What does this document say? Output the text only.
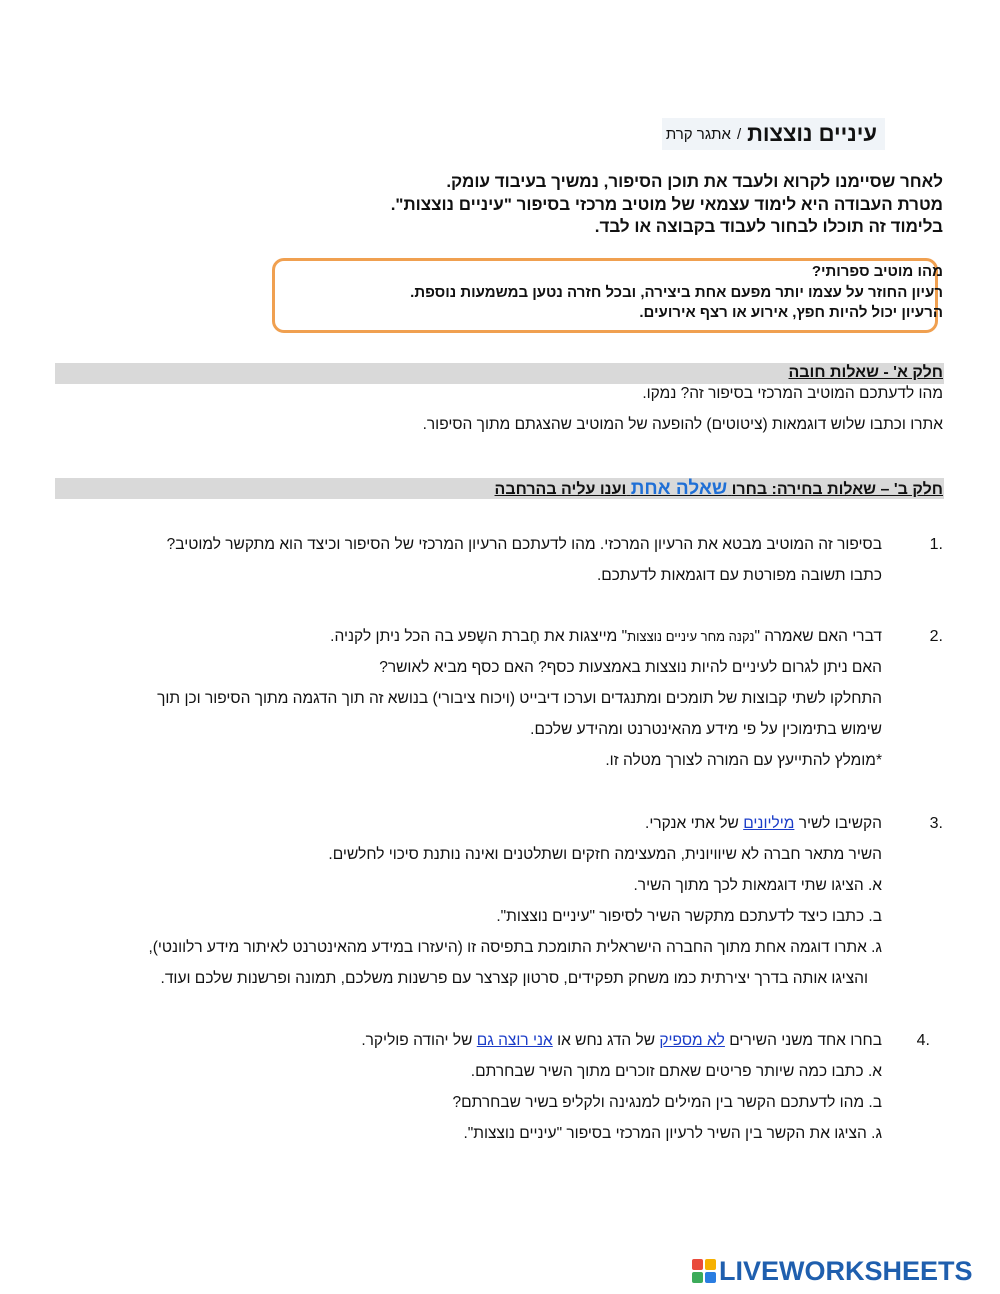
עיניים נוצצות
/
אתגר קרת
לאחר שסיימנו לקרוא ולעבד את תוכן הסיפור, נמשיך בעיבוד עומק.
מטרת העבודה היא לימוד עצמאי של מוטיב מרכזי בסיפור "עיניים נוצצות".
בלימוד זה תוכלו לבחור לעבוד בקבוצה או לבד.
מהו מוטיב ספרותי?
רעיון החוזר על עצמו יותר מפעם אחת ביצירה, ובכל חזרה נטען במשמעות נוספת.
הרעיון יכול להיות חפץ, אירוע או רצף אירועים.
חלק א' - שאלות חובה
מהו לדעתכם המוטיב המרכזי בסיפור זה? נמקו.
אתרו וכתבו שלוש דוגמאות (ציטוטים) להופעה של המוטיב שהצגתם מתוך הסיפור.
חלק ב' – שאלות בחירה: בחרו שאלה אחת וענו עליה בהרחבה
1.
בסיפור זה המוטיב מבטא את הרעיון המרכזי. מהו לדעתכם הרעיון המרכזי של הסיפור וכיצד הוא מתקשר למוטיב?
כתבו תשובה מפורטת עם דוגמאות לדעתכם.
2.
דברי האם שאמרה "נקנה מחר עיניים נוצצות" מייצגות את חֶברת השֶפע בה הכל ניתן לקניה.
האם ניתן לגרום לעיניים להיות נוצצות באמצעות כסף? האם כסף מביא לאושר?
התחלקו לשתי קבוצות של תומכים ומתנגדים וערכו דיבייט (ויכוח ציבורי) בנושא זה תוך הדגמה מתוך הסיפור וכן תוך
שימוש בתימוכין על פי מידע מהאינטרנט ומהידע שלכם.
*מומלץ להתייעץ עם המורה לצורך מטלה זו.
3.
הקשיבו לשיר מיליונים של אתי אנקרי.
השיר מתאר חברה לא שיוויונית, המעצימה חזקים ושתלטנים ואינה נותנת סיכוי לחלשים.
א. הציגו שתי דוגמאות לכך מתוך השיר.
ב. כתבו כיצד לדעתכם מתקשר השיר לסיפור "עיניים נוצצות".
ג. אתרו דוגמה אחת מתוך החברה הישראלית התומכת בתפיסה זו (היעזרו במידע מהאינטרנט לאיתור מידע רלוונטי),
והציגו אותה בדרך יצירתית כמו משחק תפקידים, סרטון קצרצר עם פרשנות משלכם, תמונה ופרשנות שלכם ועוד.
4.
בחרו אחד משני השירים לא מספיק של הדג נחש או אני רוצה גם של יהודה פוליקר.
א. כתבו כמה שיותר פריטים שאתם זוכרים מתוך השיר שבחרתם.
ב. מהו לדעתכם הקשר בין המילים למנגינה ולקליפ בשיר שבחרתם?
ג. הציגו את הקשר בין השיר לרעיון המרכזי בסיפור "עיניים נוצצות".
LIVEWORKSHEETS
